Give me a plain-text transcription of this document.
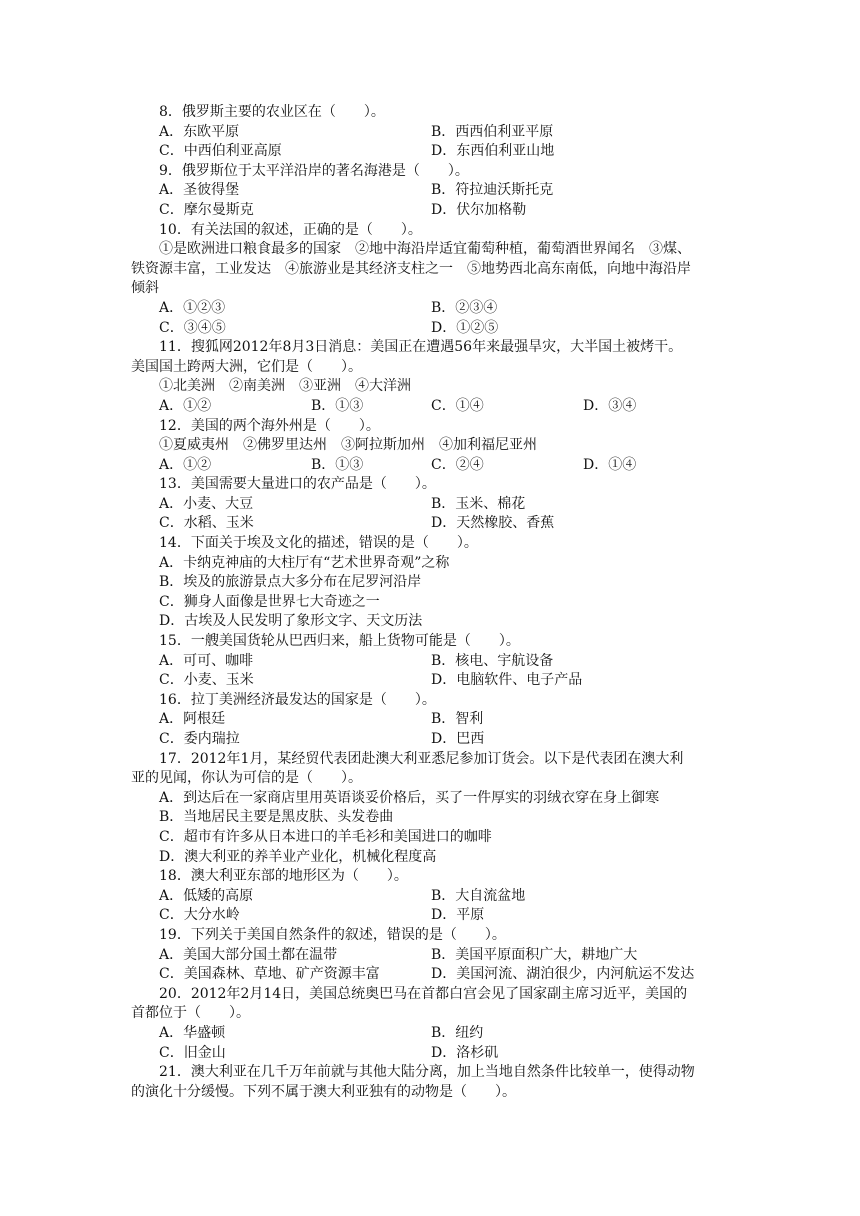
8．俄罗斯主要的农业区在（　　）。
A．东欧平原	B．西西伯利亚平原
C．中西伯利亚高原	D．东西伯利亚山地
9．俄罗斯位于太平洋沿岸的著名海港是（　　）。
A．圣彼得堡	B．符拉迪沃斯托克
C．摩尔曼斯克	D．伏尔加格勒
10．有关法国的叙述，正确的是（　　）。
①是欧洲进口粮食最多的国家　②地中海沿岸适宜葡萄种植，葡萄酒世界闻名　③煤、
铁资源丰富，工业发达　④旅游业是其经济支柱之一　⑤地势西北高东南低，向地中海沿岸
倾斜
A．①②③	B．②③④
C．③④⑤	D．①②⑤
11．搜狐网2012年8月3日消息：美国正在遭遇56年来最强旱灾，大半国土被烤干。
美国国土跨两大洲，它们是（　　）。
①北美洲　②南美洲　③亚洲　④大洋洲
A．①②	B．①③	C．①④	D．③④
12．美国的两个海外州是（　　）。
①夏威夷州　②佛罗里达州　③阿拉斯加州　④加利福尼亚州
A．①②	B．①③	C．②④	D．①④
13．美国需要大量进口的农产品是（　　）。
A．小麦、大豆	B．玉米、棉花
C．水稻、玉米	D．天然橡胶、香蕉
14．下面关于埃及文化的描述，错误的是（　　）。
A．卡纳克神庙的大柱厅有“艺术世界奇观”之称
B．埃及的旅游景点大多分布在尼罗河沿岸
C．狮身人面像是世界七大奇迹之一
D．古埃及人民发明了象形文字、天文历法
15．一艘美国货轮从巴西归来，船上货物可能是（　　）。
A．可可、咖啡	B．核电、宇航设备
C．小麦、玉米	D．电脑软件、电子产品
16．拉丁美洲经济最发达的国家是（　　）。
A．阿根廷	B．智利
C．委内瑞拉	D．巴西
17．2012年1月，某经贸代表团赴澳大利亚悉尼参加订货会。以下是代表团在澳大利
亚的见闻，你认为可信的是（　　）。
A．到达后在一家商店里用英语谈妥价格后，买了一件厚实的羽绒衣穿在身上御寒
B．当地居民主要是黑皮肤、头发卷曲
C．超市有许多从日本进口的羊毛衫和美国进口的咖啡
D．澳大利亚的养羊业产业化，机械化程度高
18．澳大利亚东部的地形区为（　　）。
A．低矮的高原	B．大自流盆地
C．大分水岭	D．平原
19．下列关于美国自然条件的叙述，错误的是（　　）。
A．美国大部分国土都在温带	B．美国平原面积广大，耕地广大
C．美国森林、草地、矿产资源丰富	D．美国河流、湖泊很少，内河航运不发达
20．2012年2月14日，美国总统奥巴马在首都白宫会见了国家副主席习近平，美国的
首都位于（　　）。
A．华盛顿	B．纽约
C．旧金山	D．洛杉矶
21．澳大利亚在几千万年前就与其他大陆分离，加上当地自然条件比较单一，使得动物
的演化十分缓慢。下列不属于澳大利亚独有的动物是（　　）。
